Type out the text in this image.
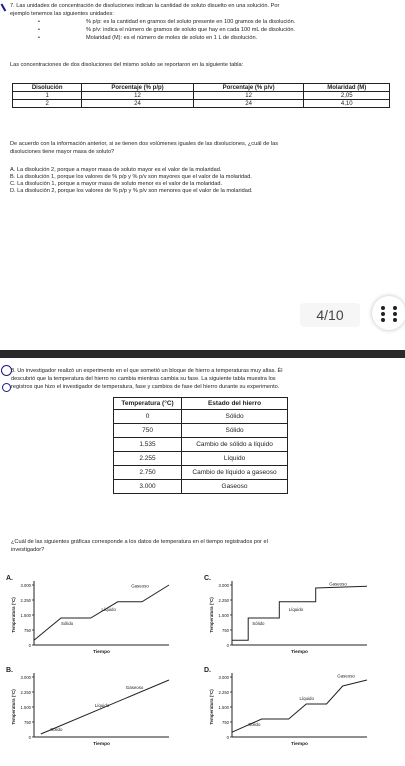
7. Las unidades de concentración de disoluciones indican la cantidad de soluto disuelto en una solución. Por
ejemplo tenemos las siguientes unidades:
•	% p/p: es la cantidad en gramos del soluto presente en 100 gramos de la disolución.
•	% p/v: indica el número de gramos de soluto que hay en cada 100 mL de disolución.
•	Molaridad (M): es el número de moles de soluto en 1 L de disolución.
Las concentraciones de dos disoluciones del mismo soluto se reportaron en la siguiente tabla:
Disolución	Porcentaje (% p/p)	Porcentaje (% p/v)	Molaridad (M)
1	12	12	2,05
2	24	24	4,10
De acuerdo con la información anterior, si se tienen dos volúmenes iguales de las disoluciones, ¿cuál de las
disoluciones tiene mayor masa de soluto?
A. La disolución 2, porque a mayor masa de soluto mayor es el valor de la molaridad.
B. La disolución 1, porque los valores de % p/p y % p/v son mayores que el valor de la molaridad.
C. La disolución 1, porque a mayor masa de soluto menor es el valor de la molaridad.
D. La disolución 2, porque los valores de % p/p y % p/v son menores que el valor de la molaridad.
4/10
8. Un investigador realizó un experimento en el que sometió un bloque de hierro a temperaturas muy altas. Él
descubrió que la temperatura del hierro no cambia mientras cambia su fase. La siguiente tabla muestra los
registros que hizo el investigador de temperatura, fase y cambios de fase del hierro durante su experimento.
Temperatura (°C)	Estado del hierro
0	Sólido
750	Sólido
1.535	Cambio de sólido a líquido
2.255	Líquido
2.750	Cambio de líquido a gaseoso
3.000	Gaseoso
¿Cuál de las siguientes gráficas corresponde a los datos de temperatura en el tiempo registrados por el
investigador?
A.
0
750
1.500
2.250
3.000
Temperatura (°C)
Tiempo
Sólido
Líquido
Gaseoso
C.
0
750
1.500
2.250
3.000
Temperatura (°C)
Tiempo
Sólido
Líquido
Gaseoso
B.
0
750
1.500
2.250
3.000
Temperatura (°C)
Tiempo
Sólido
Líquido
Gaseoso
D.
0
750
1.500
2.250
3.000
Temperatura (°C)
Tiempo
Sólido
Líquido
Gaseoso
